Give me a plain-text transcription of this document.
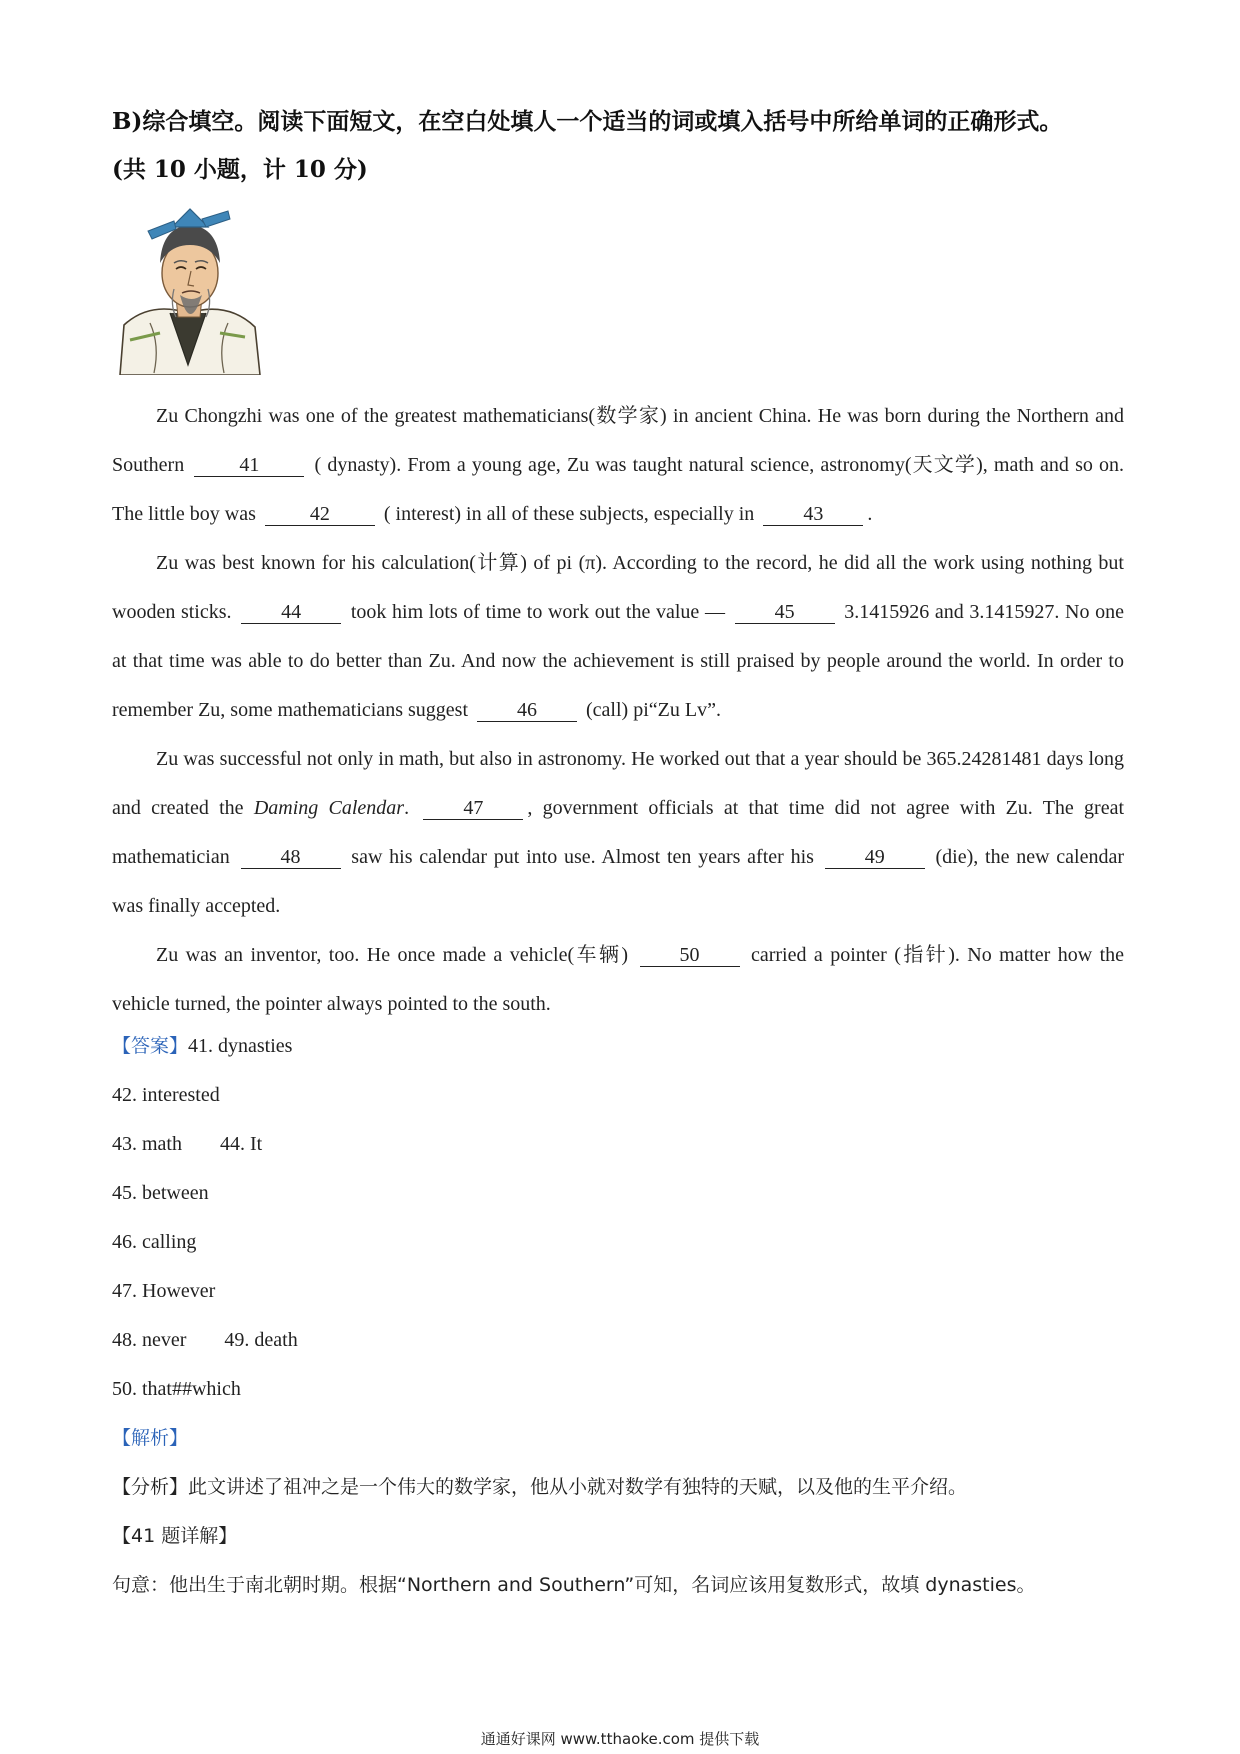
B)综合填空。阅读下面短文，在空白处填人一个适当的词或填入括号中所给单词的正确形式。
(共 10 小题，计 10 分)

Zu Chongzhi was one of the greatest mathematicians(数学家) in ancient China. He was born during the Northern and Southern	41	( dynasty). From a young age, Zu was taught natural science, astronomy(天文学), math and so on. The little boy was	42	( interest) in all of these subjects, especially in 43 .

Zu was best known for his calculation(计算) of pi (π). According to the record, he did all the work using nothing but wooden sticks. 44 took him lots of time to work out the value — 45 3.1415926 and 3.1415927. No one at that time was able to do better than Zu. And now the achievement is still praised by people around the world. In order to remember Zu, some mathematicians suggest 46 (call) pi“Zu Lv”.

Zu was successful not only in math, but also in astronomy. He worked out that a year should be 365.24281481 days long and created the Daming Calendar.	47 , government officials at that time did not agree with Zu. The great mathematician	48	saw his calendar put into use. Almost ten years after his	49	(die), the new calendar was finally accepted.

Zu was an inventor, too. He once made a vehicle(车辆)	50	carried a pointer (指针). No matter how the vehicle turned, the pointer always pointed to the south.

【答案】41. dynasties
42. interested
43. math 44. It
45. between
46. calling
47. However
48. never 49. death
50. that##which
【解析】
【分析】此文讲述了祖冲之是一个伟大的数学家，他从小就对数学有独特的天赋，以及他的生平介绍。
【41 题详解】
句意：他出生于南北朝时期。根据“Northern and Southern”可知，名词应该用复数形式，故填 dynasties。
通通好课网 www.tthaoke.com 提供下载
